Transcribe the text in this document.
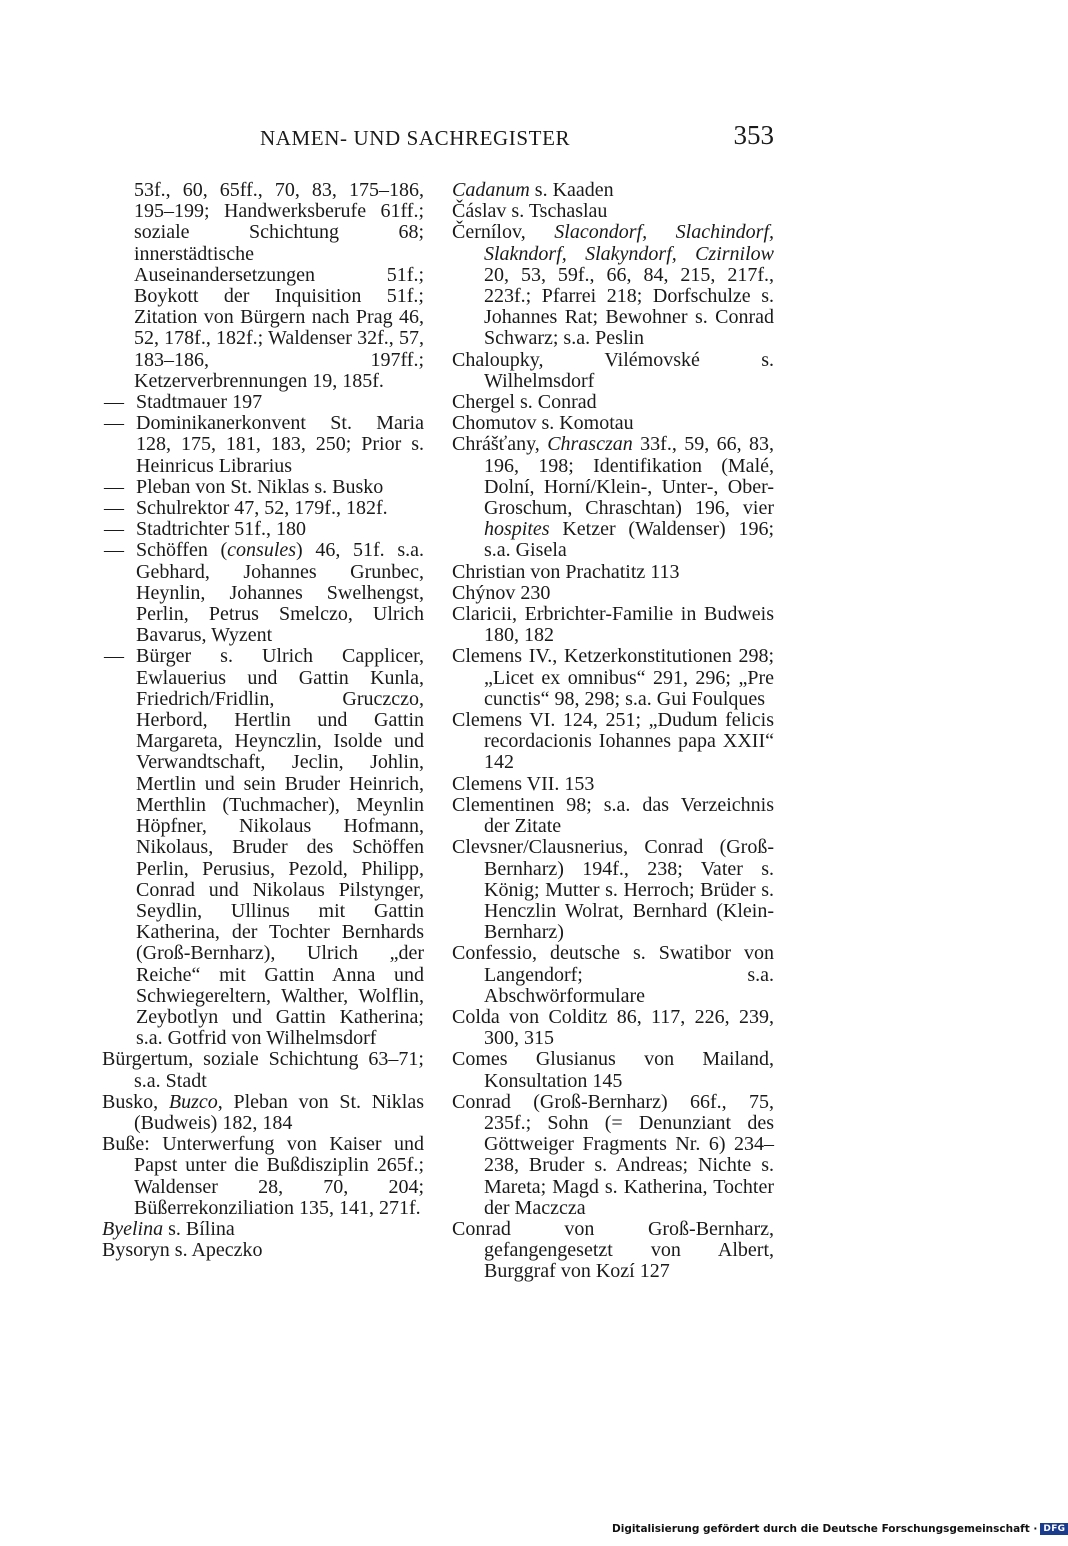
NAMEN- UND SACHREGISTER	353
53f., 60, 65ff., 70, 83, 175–186, 195–199; Handwerksberufe 61ff.; soziale Schichtung 68; innerstädtische Auseinandersetzungen 51f.; Boykott der Inquisition 51f.; Zitation von Bürgern nach Prag 46, 52, 178f., 182f.; Waldenser 32f., 57, 183–186, 197ff.; Ketzerverbrennungen 19, 185f.
— Stadtmauer 197
— Dominikanerkonvent St. Maria 128, 175, 181, 183, 250; Prior s. Heinricus Librarius
— Pleban von St. Niklas s. Busko
— Schulrektor 47, 52, 179f., 182f.
— Stadtrichter 51f., 180
— Schöffen (consules) 46, 51f. s.a. Gebhard, Johannes Grunbec, Heynlin, Johannes Swelhengst, Perlin, Petrus Smelczo, Ulrich Bavarus, Wyzent
— Bürger s. Ulrich Capplicer, Ewlauerius und Gattin Kunla, Friedrich/Fridlin, Gruczczo, Herbord, Hertlin und Gattin Margareta, Heynczlin, Isolde und Verwandtschaft, Jeclin, Johlin, Mertlin und sein Bruder Heinrich, Merthlin (Tuchmacher), Meynlin Höpfner, Nikolaus Hofmann, Nikolaus, Bruder des Schöffen Perlin, Perusius, Pezold, Philipp, Conrad und Nikolaus Pilstynger, Seydlin, Ullinus mit Gattin Katherina, der Tochter Bernhards (Groß-Bernharz), Ulrich „der Reiche“ mit Gattin Anna und Schwiegereltern, Walther, Wolflin, Zeybotlyn und Gattin Katherina; s.a. Gotfrid von Wilhelmsdorf
Bürgertum, soziale Schichtung 63–71; s.a. Stadt
Busko, Buzco, Pleban von St. Niklas (Budweis) 182, 184
Buße: Unterwerfung von Kaiser und Papst unter die Bußdisziplin 265f.; Waldenser 28, 70, 204; Büßerrekonziliation 135, 141, 271f.
Byelina s. Bílina
Bysoryn s. Apeczko
Cadanum s. Kaaden
Čáslav s. Tschaslau
Černílov, Slacondorf, Slachindorf, Slakndorf, Slakyndorf, Czirnilow 20, 53, 59f., 66, 84, 215, 217f., 223f.; Pfarrei 218; Dorfschulze s. Johannes Rat; Bewohner s. Conrad Schwarz; s.a. Peslin
Chaloupky, Vilémovské s. Wilhelmsdorf
Chergel s. Conrad
Chomutov s. Komotau
Chrášťany, Chrasczan 33f., 59, 66, 83, 196, 198; Identifikation (Malé, Dolní, Horní/Klein-, Unter-, Ober-Groschum, Chraschtan) 196, vier hospites Ketzer (Waldenser) 196; s.a. Gisela
Christian von Prachatitz 113
Chýnov 230
Claricii, Erbrichter-Familie in Budweis 180, 182
Clemens IV., Ketzerkonstitutionen 298; „Licet ex omnibus“ 291, 296; „Pre cunctis“ 98, 298; s.a. Gui Foulques
Clemens VI. 124, 251; „Dudum felicis recordacionis Iohannes papa XXII“ 142
Clemens VII. 153
Clementinen 98; s.a. das Verzeichnis der Zitate
Clevsner/Clausnerius, Conrad (Groß-Bernharz) 194f., 238; Vater s. König; Mutter s. Herroch; Brüder s. Henczlin Wolrat, Bernhard (Klein-Bernharz)
Confessio, deutsche s. Swatibor von Langendorf; s.a. Abschwörformulare
Colda von Colditz 86, 117, 226, 239, 300, 315
Comes Glusianus von Mailand, Konsultation 145
Conrad (Groß-Bernharz) 66f., 75, 235f.; Sohn (= Denunziant des Göttweiger Fragments Nr. 6) 234–238, Bruder s. Andreas; Nichte s. Mareta; Magd s. Katherina, Tochter der Maczcza
Conrad von Groß-Bernharz, gefangengesetzt von Albert, Burggraf von Kozí 127
Digitalisierung gefördert durch die Deutsche Forschungsgemeinschaft · DFG
